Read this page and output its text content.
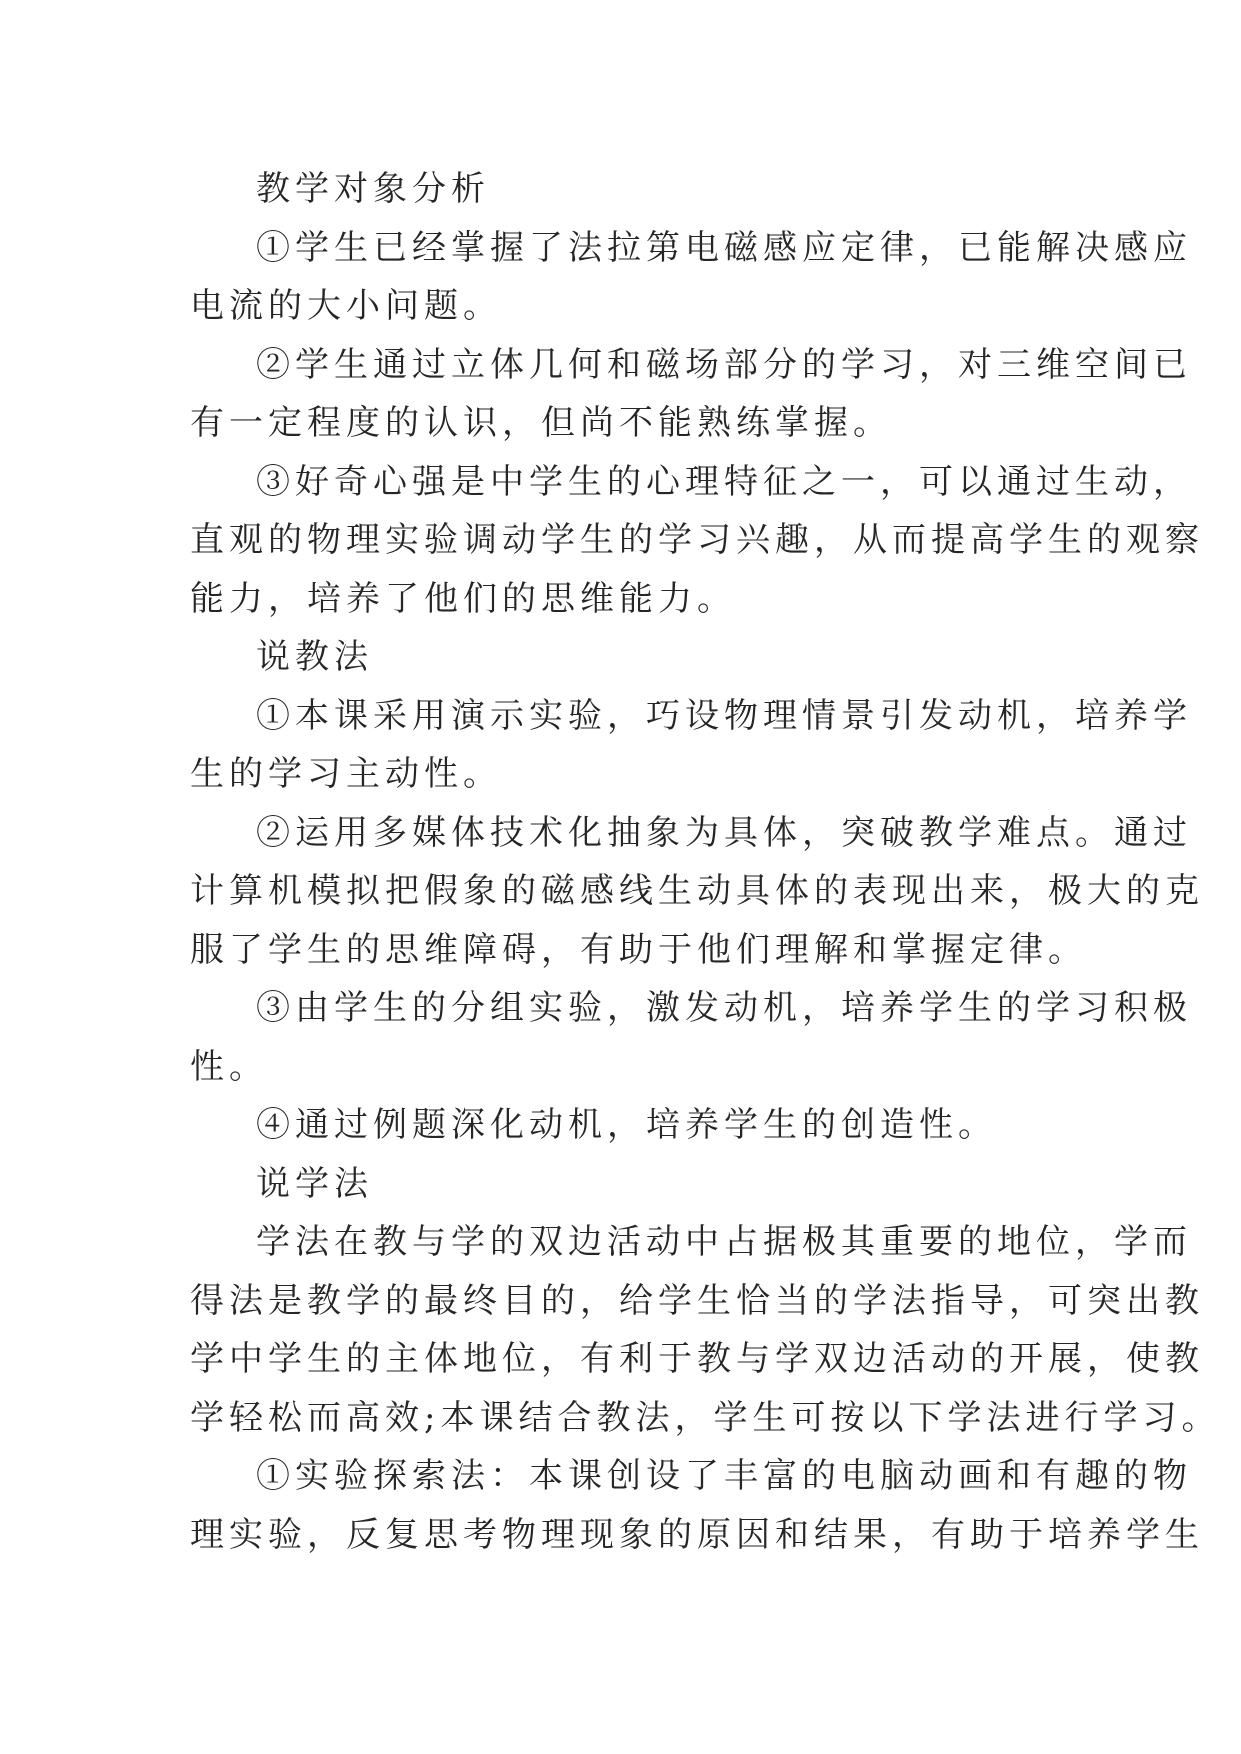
教学对象分析
①学生已经掌握了法拉第电磁感应定律，已能解决感应
电流的大小问题。
②学生通过立体几何和磁场部分的学习，对三维空间已
有一定程度的认识，但尚不能熟练掌握。
③好奇心强是中学生的心理特征之一，可以通过生动，
直观的物理实验调动学生的学习兴趣，从而提高学生的观察
能力，培养了他们的思维能力。
说教法
①本课采用演示实验，巧设物理情景引发动机，培养学
生的学习主动性。
②运用多媒体技术化抽象为具体，突破教学难点。通过
计算机模拟把假象的磁感线生动具体的表现出来，极大的克
服了学生的思维障碍，有助于他们理解和掌握定律。
③由学生的分组实验，激发动机，培养学生的学习积极
性。
④通过例题深化动机，培养学生的创造性。
说学法
学法在教与学的双边活动中占据极其重要的地位，学而
得法是教学的最终目的，给学生恰当的学法指导，可突出教
学中学生的主体地位，有利于教与学双边活动的开展，使教
学轻松而高效;本课结合教法，学生可按以下学法进行学习。
①实验探索法：本课创设了丰富的电脑动画和有趣的物
理实验，反复思考物理现象的原因和结果，有助于培养学生
